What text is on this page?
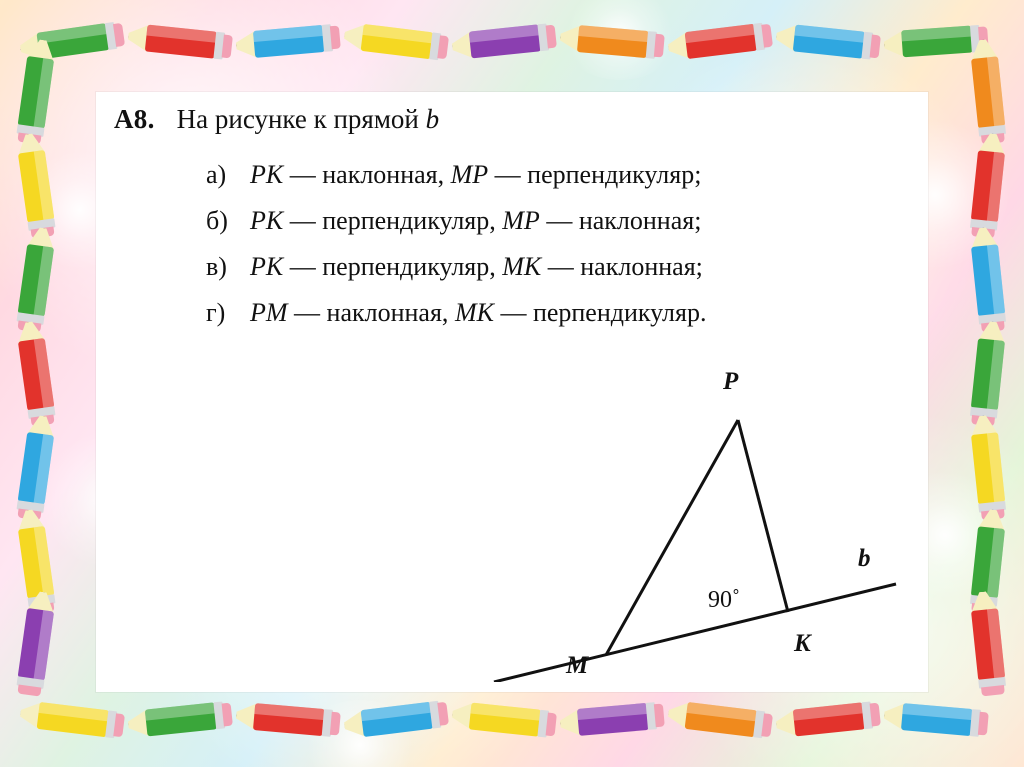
A8. На рисунке к прямой b
а) PK — наклонная, MP — перпендикуляр;
б) PK — перпендикуляр, MP — наклонная;
в) PK — перпендикуляр, MK — наклонная;
г) PM — наклонная, MK — перпендикуляр.
P
M
K
b
90˚
